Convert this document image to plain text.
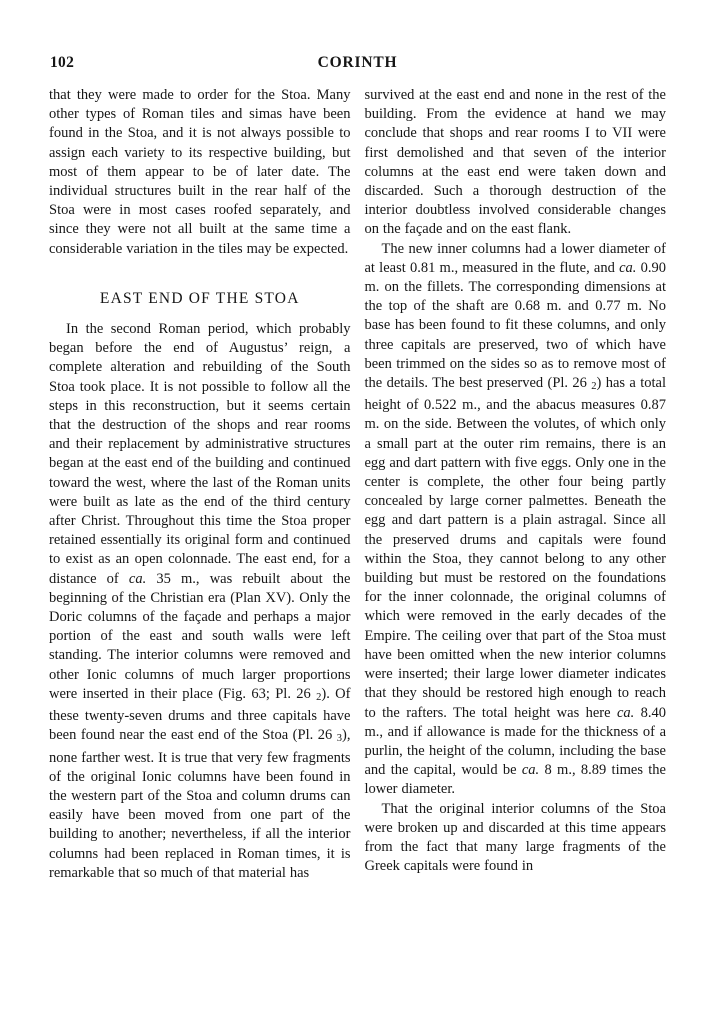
102	CORINTH

that they were made to order for the Stoa. Many other types of Roman tiles and simas have been found in the Stoa, and it is not always possible to assign each variety to its respective building, but most of them appear to be of later date. The individual structures built in the rear half of the Stoa were in most cases roofed separately, and since they were not all built at the same time a considerable variation in the tiles may be expected.

EAST END OF THE STOA

In the second Roman period, which probably began before the end of Augustus’ reign, a complete alteration and rebuilding of the South Stoa took place. It is not possible to follow all the steps in this reconstruction, but it seems certain that the destruction of the shops and rear rooms and their replacement by administrative structures began at the east end of the building and continued toward the west, where the last of the Roman units were built as late as the end of the third century after Christ. Throughout this time the Stoa proper retained essentially its original form and continued to exist as an open colonnade. The east end, for a distance of ca. 35 m., was rebuilt about the beginning of the Christian era (Plan XV). Only the Doric columns of the façade and perhaps a major portion of the east and south walls were left standing. The interior columns were removed and other Ionic columns of much larger proportions were inserted in their place (Fig. 63; Pl. 26 2). Of these twenty-seven drums and three capitals have been found near the east end of the Stoa (Pl. 26 3), none farther west. It is true that very few fragments of the original Ionic columns have been found in the western part of the Stoa and column drums can easily have been moved from one part of the building to another; nevertheless, if all the interior columns had been replaced in Roman times, it is remarkable that so much of that material has

survived at the east end and none in the rest of the building. From the evidence at hand we may conclude that shops and rear rooms I to VII were first demolished and that seven of the interior columns at the east end were taken down and discarded. Such a thorough destruction of the interior doubtless involved considerable changes on the façade and on the east flank.

The new inner columns had a lower diameter of at least 0.81 m., measured in the flute, and ca. 0.90 m. on the fillets. The corresponding dimensions at the top of the shaft are 0.68 m. and 0.77 m. No base has been found to fit these columns, and only three capitals are preserved, two of which have been trimmed on the sides so as to remove most of the details. The best preserved (Pl. 26 2) has a total height of 0.522 m., and the abacus measures 0.87 m. on the side. Between the volutes, of which only a small part at the outer rim remains, there is an egg and dart pattern with five eggs. Only one in the center is complete, the other four being partly concealed by large corner palmettes. Beneath the egg and dart pattern is a plain astragal. Since all the preserved drums and capitals were found within the Stoa, they cannot belong to any other building but must be restored on the foundations for the inner colonnade, the original columns of which were removed in the early decades of the Empire. The ceiling over that part of the Stoa must have been omitted when the new interior columns were inserted; their large lower diameter indicates that they should be restored high enough to reach to the rafters. The total height was here ca. 8.40 m., and if allowance is made for the thickness of a purlin, the height of the column, including the base and the capital, would be ca. 8 m., 8.89 times the lower diameter.

That the original interior columns of the Stoa were broken up and discarded at this time appears from the fact that many large fragments of the Greek capitals were found in
